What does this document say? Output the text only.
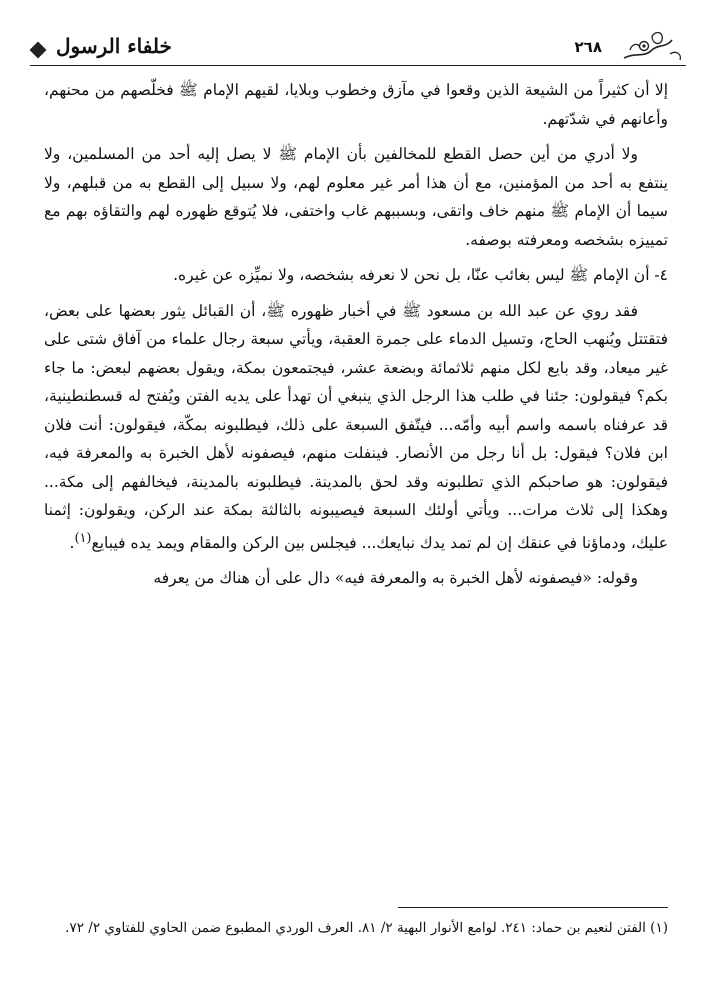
خلفاء الرسول	٢٦٨

إلا أن كثيراً من الشيعة الذين وقعوا في مآزق وخطوب وبلايا، لقيهم الإمام ﷺ فخلّصهم من محنهم، وأعانهم في شدّتهم.

ولا أدري من أين حصل القطع للمخالفين بأن الإمام ﷺ لا يصل إليه أحد من المسلمين، ولا ينتفع به أحد من المؤمنين، مع أن هذا أمر غير معلوم لهم، ولا سبيل إلى القطع به من قبلهم، ولا سيما أن الإمام ﷺ منهم خاف واتقى، وبسببهم غاب واختفى، فلا يُتوقع ظهوره لهم والتقاؤه بهم مع تمييزه بشخصه ومعرفته بوصفه.

٤- أن الإمام ﷺ ليس بغائب عنّا، بل نحن لا نعرفه بشخصه، ولا نميِّزه عن غيره.

فقد روي عن عبد الله بن مسعود ﷺ في أخبار ظهوره ﷺ، أن القبائل يثور بعضها على بعض، فتقتتل ويُنهب الحاج، وتسيل الدماء على جمرة العقبة، ويأتي سبعة رجال علماء من آفاق شتى على غير ميعاد، وقد بايع لكل منهم ثلاثمائة وبضعة عشر، فيجتمعون بمكة، ويقول بعضهم لبعض: ما جاء بكم؟ فيقولون: جئنا في طلب هذا الرجل الذي ينبغي أن تهدأ على يديه الفتن ويُفتح له قسطنطينية، قد عرفناه باسمه واسم أبيه وأمّه... فيتّفق السبعة على ذلك، فيطلبونه بمكّة، فيقولون: أنت فلان ابن فلان؟ فيقول: بل أنا رجل من الأنصار. فينفلت منهم، فيصفونه لأهل الخبرة به والمعرفة فيه، فيقولون: هو صاحبكم الذي تطلبونه وقد لحق بالمدينة. فيطلبونه بالمدينة، فيخالفهم إلى مكة... وهكذا إلى ثلاث مرات... ويأتي أولئك السبعة فيصيبونه بالثالثة بمكة عند الركن، ويقولون: إثمنا عليك، ودماؤنا في عنقك إن لم تمد يدك نبايعك... فيجلس بين الركن والمقام ويمد يده فيبايع$^{(١)}$.

وقوله: «فيصفونه لأهل الخبرة به والمعرفة فيه» دال على أن هناك من يعرفه

(١) الفتن لنعيم بن حماد: ٢٤١. لوامع الأنوار البهية ٢/ ٨١. العرف الوردي المطبوع ضمن الحاوي للفتاوي ٢/ ٧٢.
